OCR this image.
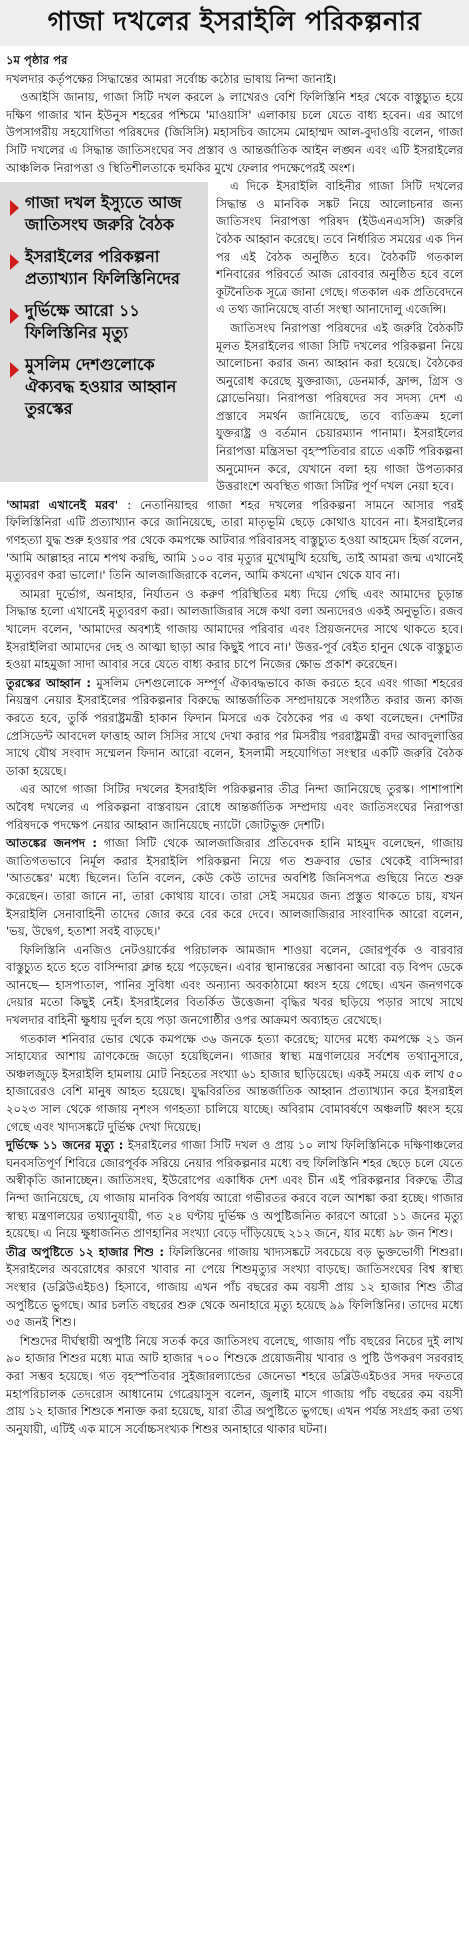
গাজা দখলের ইসরাইলি পরিকল্পনার

১ম পৃষ্ঠার পর

দখলদার কর্তৃপক্ষের সিদ্ধান্তের আমরা সর্বোচ্চ কঠোর ভাষায় নিন্দা জানাই।

ওআইসি জানায়, গাজা সিটি দখল করলে ৯ লাখেরও বেশি ফিলিস্তিনি শহর থেকে বাস্তুচ্যুত হয়ে দক্ষিণ গাজার খান ইউনুস শহরের পশ্চিমে 'মাওয়াসি' এলাকায় চলে যেতে বাধ্য হবেন। এর আগে উপসাগরীয় সহযোগিতা পরিষদের (জিসিসি) মহাসচিব জাসেম মোহাম্মদ আল-বুদাওয়ি বলেন, গাজা সিটি দখলের এ সিদ্ধান্ত জাতিসংঘের সব প্রস্তাব ও আন্তর্জাতিক আইন লঙ্ঘন এবং এটি ইসরাইলের আঞ্চলিক নিরাপত্তা ও স্থিতিশীলতাকে হুমকির মুখে ফেলার পদক্ষেপেরই অংশ।

গাজা দখল ইস্যুতে আজ জাতিসংঘ জরুরি বৈঠক
ইসরাইলের পরিকল্পনা প্রত্যাখ্যান ফিলিস্তিনিদের
দুর্ভিক্ষে আরো ১১ ফিলিস্তিনির মৃত্যু
মুসলিম দেশগুলোকে ঐক্যবদ্ধ হওয়ার আহ্বান তুরস্কের

এ দিকে ইসরাইলি বাহিনীর গাজা সিটি দখলের সিদ্ধান্ত ও মানবিক সঙ্কট নিয়ে আলোচনার জন্য জাতিসংঘ নিরাপত্তা পরিষদ (ইউএনএসসি) জরুরি বৈঠক আহ্বান করেছে। তবে নির্ধারিত সময়ের এক দিন পর এই বৈঠক অনুষ্ঠিত হবে। বৈঠকটি গতকাল শনিবারের পরিবর্তে আজ রোববার অনুষ্ঠিত হবে বলে কূটনৈতিক সূত্রে জানা গেছে। গতকাল এক প্রতিবেদনে এ তথ্য জানিয়েছে বার্তা সংস্থা আনাদোলু এজেন্সি।

জাতিসংঘ নিরাপত্তা পরিষদের এই জরুরি বৈঠকটি মূলত ইসরাইলের গাজা সিটি দখলের পরিকল্পনা নিয়ে আলোচনা করার জন্য আহ্বান করা হয়েছে। বৈঠকের অনুরোধ করেছে যুক্তরাজ্য, ডেনমার্ক, ফ্রান্স, গ্রিস ও স্লোভেনিয়া। নিরাপত্তা পরিষদের সব সদস্য দেশ এ প্রস্তাবে সমর্থন জানিয়েছে, তবে ব্যতিক্রম হলো যুক্তরাষ্ট্র ও বর্তমান চেয়ারম্যান পানামা। ইসরাইলের নিরাপত্তা মন্ত্রিসভা বৃহস্পতিবার রাতে একটি পরিকল্পনা অনুমোদন করে, যেখানে বলা হয় গাজা উপত্যকার উত্তরাংশে অবস্থিত গাজা সিটির পূর্ণ দখল নেয়া হবে।

'আমরা এখানেই মরব' : নেতানিয়াহুর গাজা শহর দখলের পরিকল্পনা সামনে আসার পরই ফিলিস্তিনিরা এটি প্রত্যাখ্যান করে জানিয়েছে, তারা মাতৃভূমি ছেড়ে কোথাও যাবেন না। ইসরাইলের গণহত্যা যুদ্ধ শুরু হওয়ার পর থেকে কমপক্ষে আটবার পরিবারসহ বাস্তুচ্যুত হওয়া আহমেদ হির্জ বলেন, 'আমি আল্লাহর নামে শপথ করছি, আমি ১০০ বার মৃত্যুর মুখোমুখি হয়েছি, তাই আমরা জন্ম এখানেই মৃত্যুবরণ করা ভালো।' তিনি আলজাজিরাকে বলেন, আমি কখনো এখান থেকে যাব না।

আমরা দুর্ভোগ, অনাহার, নির্যাতন ও করুণ পরিস্থিতির মধ্য দিয়ে গেছি এবং আমাদের চূড়ান্ত সিদ্ধান্ত হলো এখানেই মৃত্যুবরণ করা। আলজাজিরার সঙ্গে কথা বলা অন্যদেরও একই অনুভূতি। রজব খালেদ বলেন, 'আমাদের অবশ্যই গাজায় আমাদের পরিবার এবং প্রিয়জনদের সাথে থাকতে হবে। ইসরাইলিরা আমাদের দেহ ও আত্মা ছাড়া আর কিছুই পাবে না।' উত্তর-পূর্ব বেইত হানুন থেকে বাস্তুচ্যুত হওয়া মাহমুজা সাদা আবার সরে যেতে বাধ্য করার চাপে নিজের ক্ষোভ প্রকাশ করেছেন।

তুরস্কের আহ্বান : মুসলিম দেশগুলোকে সম্পূর্ণ ঐক্যবদ্ধভাবে কাজ করতে হবে এবং গাজা শহরের নিয়ন্ত্রণ নেয়ার ইসরাইলের পরিকল্পনার বিরুদ্ধে আন্তর্জাতিক সম্প্রদায়কে সংগঠিত করার জন্য কাজ করতে হবে, তুর্কি পররাষ্ট্রমন্ত্রী হাকান ফিদান মিসরে এক বৈঠকের পর এ কথা বলেছেন। দেশটির প্রেসিডেন্ট আবদেল ফাত্তাহ আল সিসির সাথে দেখা করার পর মিসরীয় পররাষ্ট্রমন্ত্রী বদর আবদুলাত্তির সাথে যৌথ সংবাদ সম্মেলন ফিদান আরো বলেন, ইসলামী সহযোগিতা সংস্থার একটি জরুরি বৈঠক ডাকা হয়েছে।

এর আগে গাজা সিটির দখলের ইসরাইলি পরিকল্পনার তীব্র নিন্দা জানিয়েছে তুরস্ক। পাশাপাশি অবৈধ দখলের এ পরিকল্পনা বাস্তবায়ন রোধে আন্তর্জাতিক সম্প্রদায় এবং জাতিসংঘের নিরাপত্তা পরিষদকে পদক্ষেপ নেয়ার আহ্বান জানিয়েছে ন্যাটো জোটভুক্ত দেশটি।

আতঙ্কের জনপদ : গাজা সিটি থেকে আলজাজিরার প্রতিবেদক হানি মাহমুদ বলেছেন, গাজায় জাতিগতভাবে নির্মূল করার ইসরাইলি পরিকল্পনা নিয়ে গত শুক্রবার ভোর থেকেই বাসিন্দারা 'আতঙ্কের' মধ্যে ছিলেন। তিনি বলেন, কেউ কেউ তাদের অবশিষ্ট জিনিসপত্র গুছিয়ে নিতে শুরু করেছেন। তারা জানে না, তারা কোথায় যাবে। তারা সেই সময়ের জন্য প্রস্তুত থাকতে চায়, যখন ইসরাইলি সেনাবাহিনী তাদের জোর করে বের করে দেবে। আলজাজিরার সাংবাদিক আরো বলেন, 'ভয়, উদ্বেগ, হতাশা সবই বাড়ছে।'

ফিলিস্তিনি এনজিও নেটওয়ার্কের পরিচালক আমজাদ শাওয়া বলেন, জোরপূর্বক ও বারবার বাস্তুচ্যুত হতে হতে বাসিন্দারা ক্লান্ত হয়ে পড়েছেন। এবার স্থানান্তরের সম্ভাবনা আরো বড় বিপদ ডেকে আনছে— হাসপাতাল, পানির সুবিধা এবং অন্যান্য অবকাঠামো ধ্বংস হয়ে গেছে। এখন জনগণকে দেয়ার মতো কিছুই নেই। ইসরাইলের বিতর্কিত উত্তেজনা বৃদ্ধির খবর ছড়িয়ে পড়ার সাথে সাথে দখলদার বাহিনী ক্ষুধায় দুর্বল হয়ে পড়া জনগোষ্ঠীর ওপর আক্রমণ অব্যাহত রেখেছে।

গতকাল শনিবার ভোর থেকে কমপক্ষে ৩৬ জনকে হত্যা করেছে; যাদের মধ্যে কমপক্ষে ২১ জন সাহায্যের আশায় ত্রাণকেন্দ্রে জড়ো হয়েছিলেন। গাজার স্বাস্থ্য মন্ত্রণালয়ের সর্বশেষ তথ্যানুসারে, অঞ্চলজুড়ে ইসরাইলি হামলায় মোট নিহতের সংখ্যা ৬১ হাজার ছাড়িয়েছে। একই সময়ে এক লাখ ৫০ হাজারেরও বেশি মানুষ আহত হয়েছে। যুদ্ধবিরতির আন্তর্জাতিক আহ্বান প্রত্যাখ্যান করে ইসরাইল ২০২৩ সাল থেকে গাজায় নৃশংস গণহত্যা চালিয়ে যাচ্ছে। অবিরাম বোমাবর্ষণে অঞ্চলটি ধ্বংস হয়ে গেছে এবং খাদ্যসঙ্কটে দুর্ভিক্ষ দেখা দিয়েছে।

দুর্ভিক্ষে ১১ জনের মৃত্যু : ইসরাইলের গাজা সিটি দখল ও প্রায় ১০ লাখ ফিলিস্তিনিকে দক্ষিণাঞ্চলের ঘনবসতিপূর্ণ শিবিরে জোরপূর্বক সরিয়ে নেয়ার পরিকল্পনার মধ্যে বহু ফিলিস্তিনি শহর ছেড়ে চলে যেতে অস্বীকৃতি জানাচ্ছেন। জাতিসংঘ, ইউরোপের একাধিক দেশ এবং চীন এই পরিকল্পনার বিরুদ্ধে তীব্র নিন্দা জানিয়েছে, যে গাজায় মানবিক বিপর্যয় আরো গভীরতর করবে বলে আশঙ্কা করা হচ্ছে। গাজার স্বাস্থ্য মন্ত্রণালয়ের তথ্যানুযায়ী, গত ২৪ ঘণ্টায় দুর্ভিক্ষ ও অপুষ্টিজনিত কারণে আরো ১১ জনের মৃত্যু হয়েছে। এ নিয়ে ক্ষুধাজনিত প্রাণহানির সংখ্যা বেড়ে দাঁড়িয়েছে ২১২ জনে, যার মধ্যে ৯৮ জন শিশু।

তীব্র অপুষ্টিতে ১২ হাজার শিশু : ফিলিস্তিনের গাজায় খাদ্যসঙ্কটে সবচেয়ে বড় ভুক্তভোগী শিশুরা। ইসরাইলের অবরোধের কারণে খাবার না পেয়ে শিশুমৃত্যুর সংখ্যা বাড়ছে। জাতিসংঘের বিশ্ব স্বাস্থ্য সংস্থার (ডব্লিউএইচও) হিসাবে, গাজায় এখন পাঁচ বছরের কম বয়সী প্রায় ১২ হাজার শিশু তীব্র অপুষ্টিতে ভুগছে। আর চলতি বছরের শুরু থেকে অনাহারে মৃত্যু হয়েছে ৯৯ ফিলিস্তিনির। তাদের মধ্যে ৩৫ জনই শিশু।

শিশুদের দীর্ঘস্থায়ী অপুষ্টি নিয়ে সতর্ক করে জাতিসংঘ বলেছে, গাজায় পাঁচ বছরের নিচের দুই লাখ ৯০ হাজার শিশুর মধ্যে মাত্র আট হাজার ৭০০ শিশুকে প্রয়োজনীয় খাবার ও পুষ্টি উপকরণ সরবরাহ করা সম্ভব হয়েছে। গত বৃহস্পতিবার সুইজারল্যান্ডের জেনেভা শহরে ডব্লিউএইচওর সদর দফতরে মহাপরিচালক তেদরোস আধানোম গেব্রেয়াসুস বলেন, জুলাই মাসে গাজায় পাঁচ বছরের কম বয়সী প্রায় ১২ হাজার শিশুকে শনাক্ত করা হয়েছে, যারা তীব্র অপুষ্টিতে ভুগছে। এখন পর্যন্ত সংগ্রহ করা তথ্য অনুযায়ী, এটিই এক মাসে সর্বোচ্চসংখ্যক শিশুর অনাহারে থাকার ঘটনা।
